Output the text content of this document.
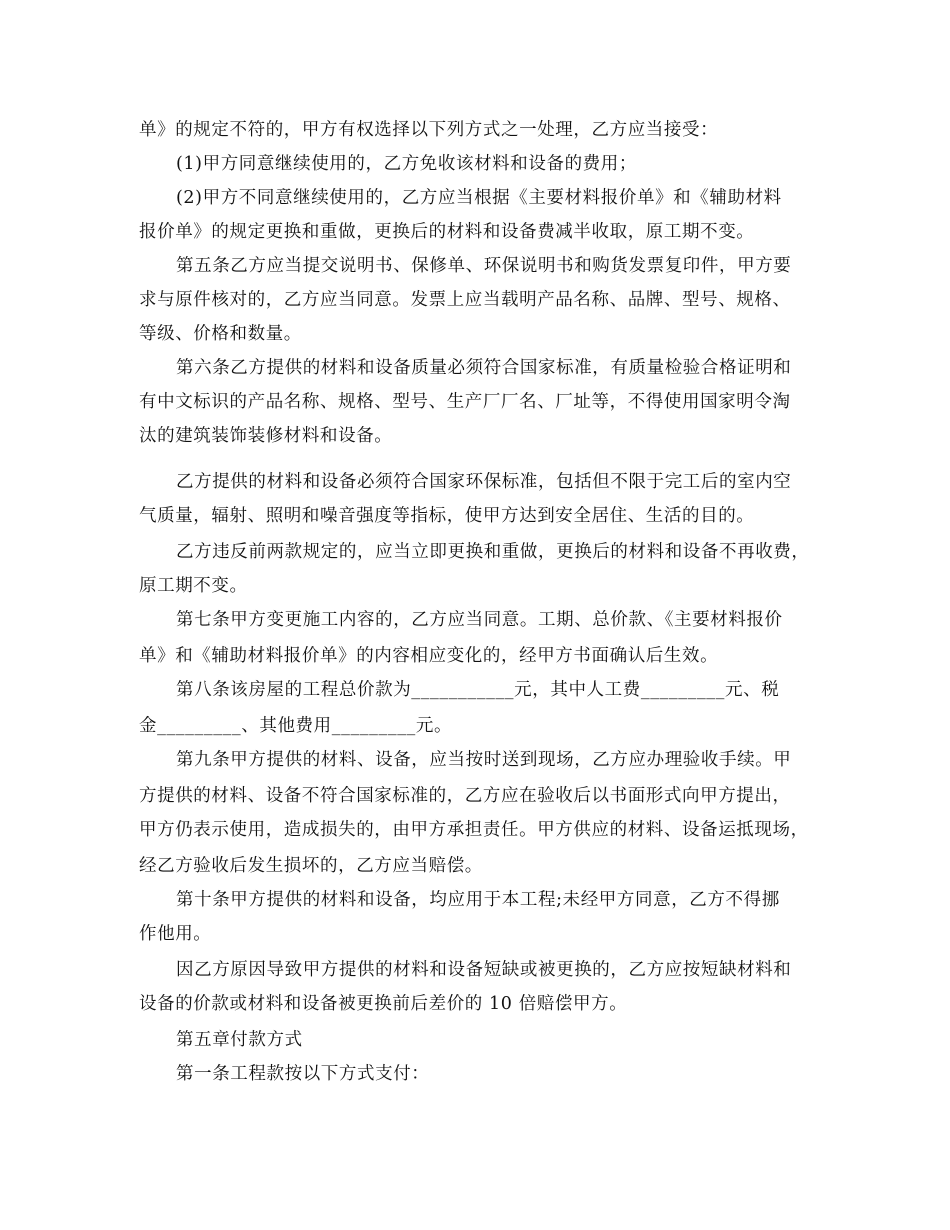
单》的规定不符的，甲方有权选择以下列方式之一处理，乙方应当接受：
(1)甲方同意继续使用的，乙方免收该材料和设备的费用；
(2)甲方不同意继续使用的，乙方应当根据《主要材料报价单》和《辅助材料
报价单》的规定更换和重做，更换后的材料和设备费减半收取，原工期不变。
第五条乙方应当提交说明书、保修单、环保说明书和购货发票复印件，甲方要
求与原件核对的，乙方应当同意。发票上应当载明产品名称、品牌、型号、规格、
等级、价格和数量。
第六条乙方提供的材料和设备质量必须符合国家标准，有质量检验合格证明和
有中文标识的产品名称、规格、型号、生产厂厂名、厂址等，不得使用国家明令淘
汰的建筑装饰装修材料和设备。
乙方提供的材料和设备必须符合国家环保标准，包括但不限于完工后的室内空
气质量，辐射、照明和噪音强度等指标，使甲方达到安全居住、生活的目的。
乙方违反前两款规定的，应当立即更换和重做，更换后的材料和设备不再收费，
原工期不变。
第七条甲方变更施工内容的，乙方应当同意。工期、总价款、《主要材料报价
单》和《辅助材料报价单》的内容相应变化的，经甲方书面确认后生效。
第八条该房屋的工程总价款为___________元，其中人工费_________元、税
金_________、其他费用_________元。
第九条甲方提供的材料、设备，应当按时送到现场，乙方应办理验收手续。甲
方提供的材料、设备不符合国家标准的，乙方应在验收后以书面形式向甲方提出，
甲方仍表示使用，造成损失的，由甲方承担责任。甲方供应的材料、设备运抵现场，
经乙方验收后发生损坏的，乙方应当赔偿。
第十条甲方提供的材料和设备，均应用于本工程;未经甲方同意，乙方不得挪
作他用。
因乙方原因导致甲方提供的材料和设备短缺或被更换的，乙方应按短缺材料和
设备的价款或材料和设备被更换前后差价的 10 倍赔偿甲方。
第五章付款方式
第一条工程款按以下方式支付：
